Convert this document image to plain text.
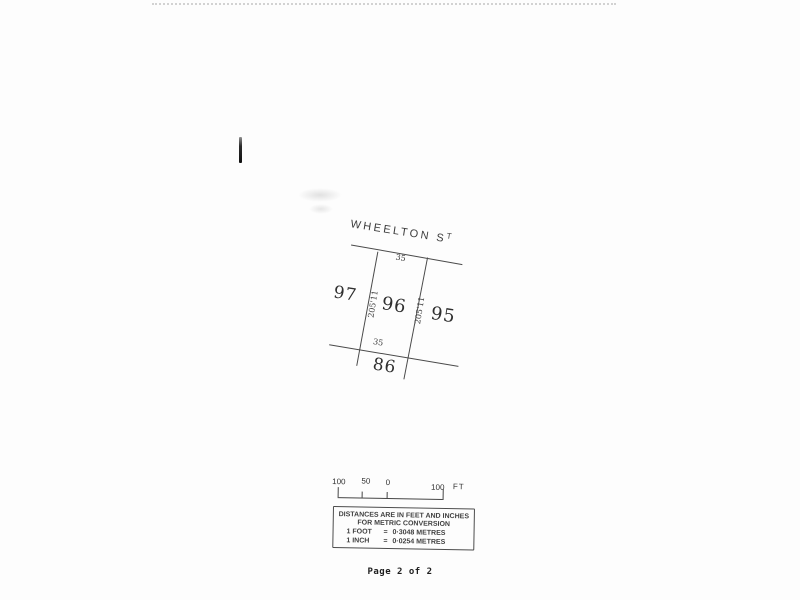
WHEELTON $S^T$
35
35
205'11	205'11
97 96 95
86
100	50	0
100	FT
DISTANCES ARE IN FEET AND INCHES
FOR METRIC CONVERSION
1 FOOT	= 0·3048 METRES
1 INCH	= 0·0254 METRES
Page 2 of 2
